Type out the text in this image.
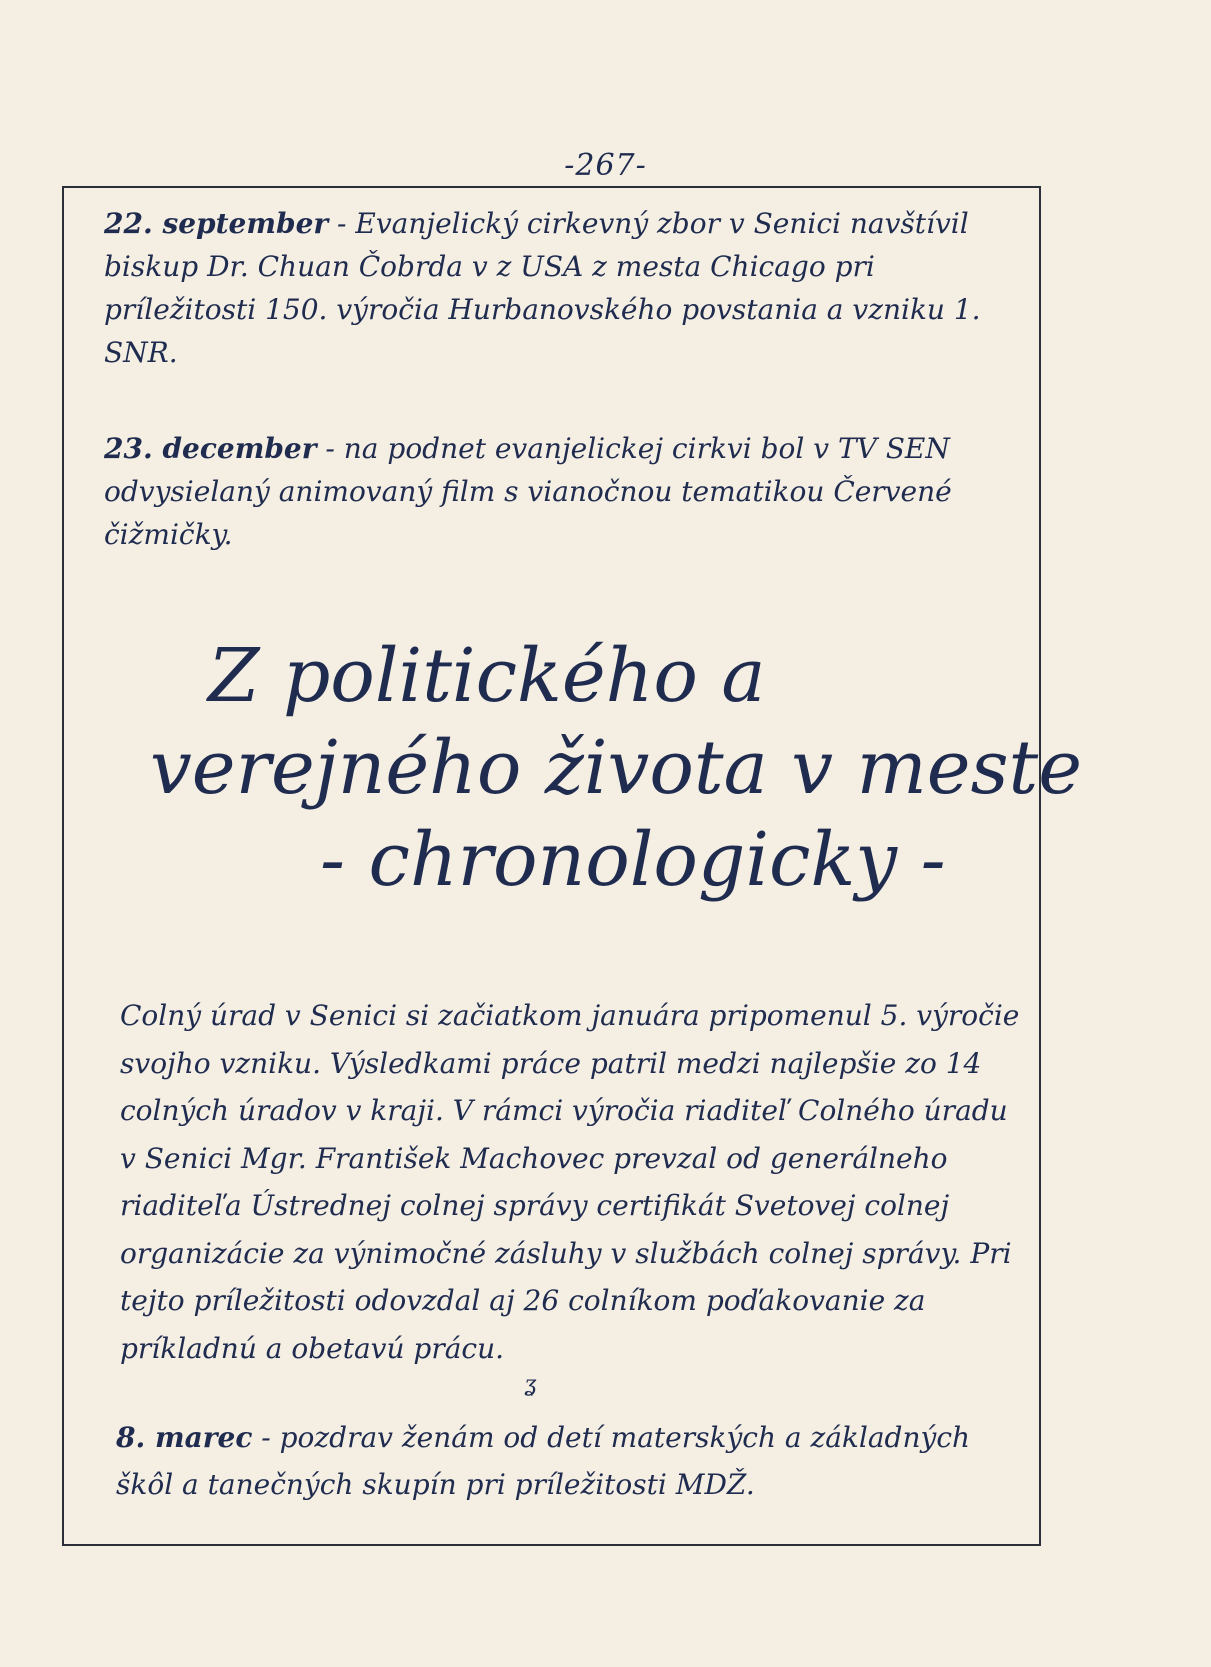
-267-

22. september - Evanjelický cirkevný zbor v Senici navštívil biskup Dr. Chuan Čobrda v z USA z mesta Chicago pri príležitosti 150. výročia Hurbanovského povstania a vzniku 1. SNR.

23. december - na podnet evanjelickej cirkvi bol v TV SEN odvysielaný animovaný film s vianočnou tematikou Červené čižmičky.

Z politického a
verejného života v meste
- chronologicky -

Colný úrad v Senici si začiatkom januára pripomenul 5. výročie svojho vzniku. Výsledkami práce patril medzi najlepšie zo 14 colných úradov v kraji. V rámci výročia riaditeľ Colného úradu v Senici Mgr. František Machovec prevzal od generálneho riaditeľa Ústrednej colnej správy certifikát Svetovej colnej organizácie za výnimočné zásluhy v službách colnej správy. Pri tejto príležitosti odovzdal aj 26 colníkom poďakovanie za príkladnú a obetavú prácu.

ʓ

8. marec - pozdrav ženám od detí materských a základných škôl a tanečných skupín pri príležitosti MDŽ.
